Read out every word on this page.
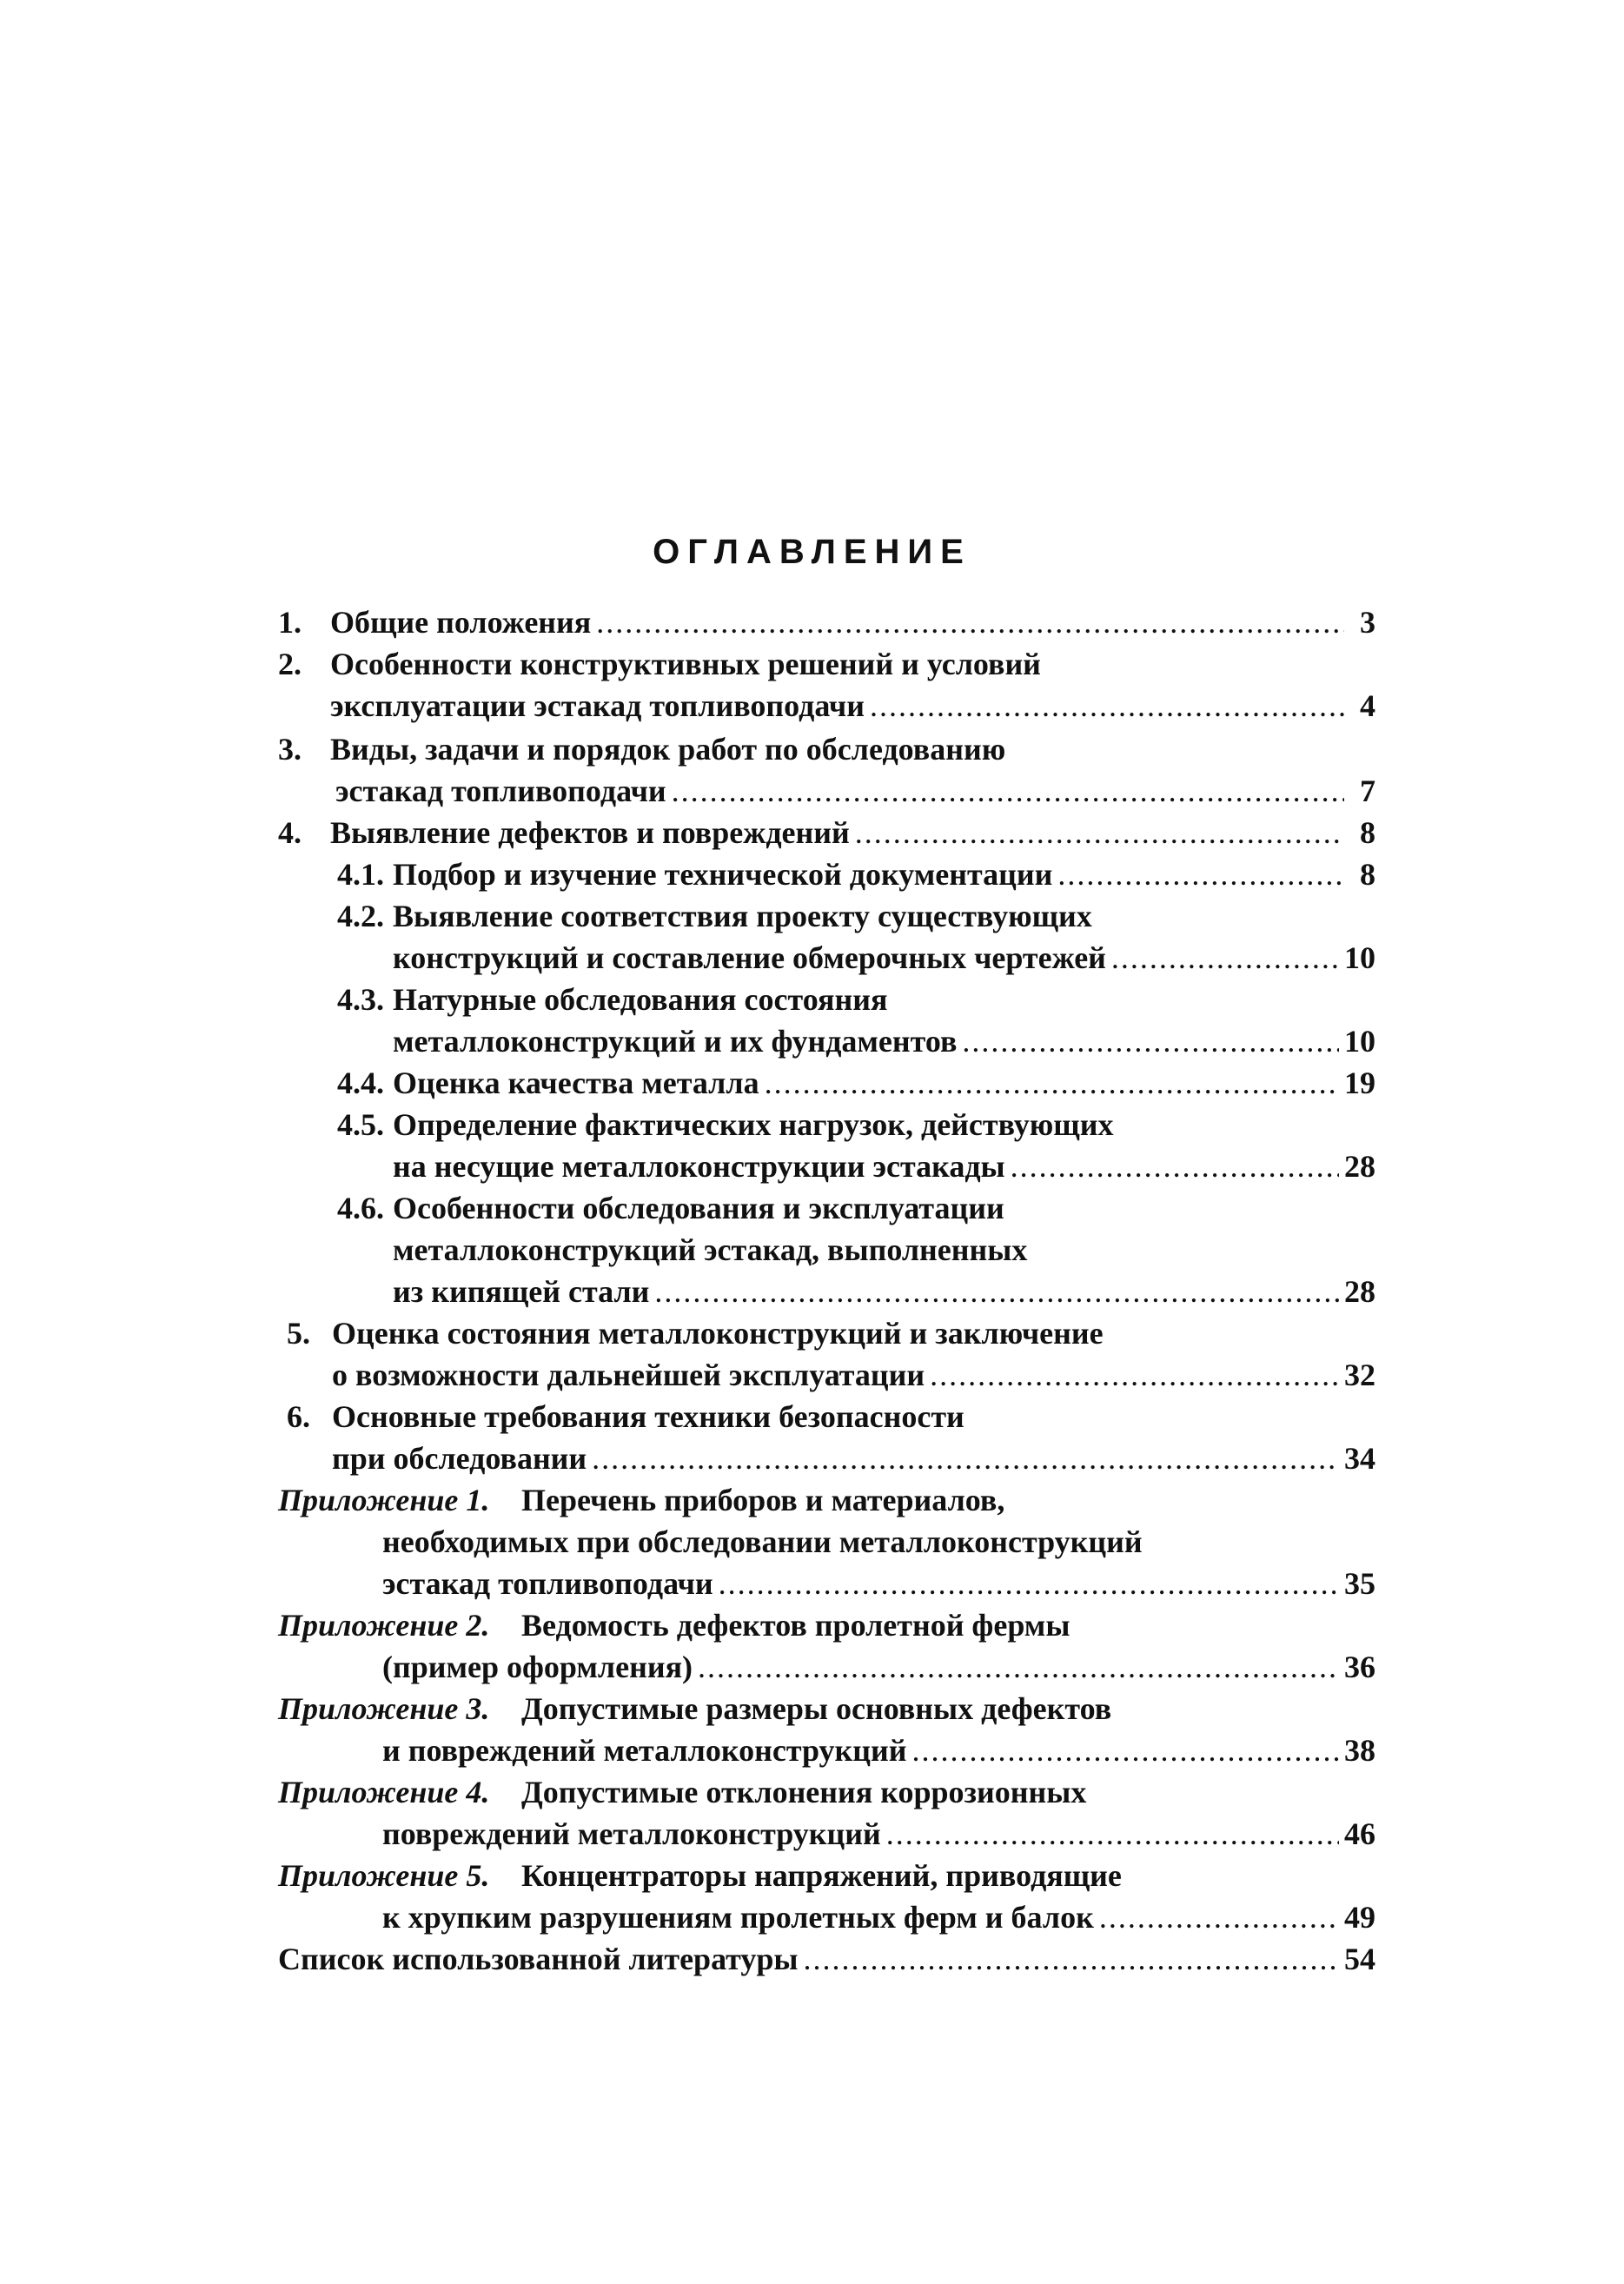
ОГЛАВЛЕНИЕ
1. Общие положения .....	3
2. Особенности конструктивных решений и условий
эксплуатации эстакад топливоподачи .....	4
3. Виды, задачи и порядок работ по обследованию
эстакад топливоподачи .....	7
4. Выявление дефектов и повреждений .....	8
4.1. Подбор и изучение технической документации .....	8
4.2. Выявление соответствия проекту существующих
конструкций и составление обмерочных чертежей .....	10
4.3. Натурные обследования состояния
металлоконструкций и их фундаментов .....	10
4.4. Оценка качества металла .....	19
4.5. Определение фактических нагрузок, действующих
на несущие металлоконструкции эстакады .....	28
4.6. Особенности обследования и эксплуатации
металлоконструкций эстакад, выполненных
из кипящей стали .....	28
5. Оценка состояния металлоконструкций и заключение
о возможности дальнейшей эксплуатации .....	32
6. Основные требования техники безопасности
при обследовании .....	34
Приложение 1. Перечень приборов и материалов,
необходимых при обследовании металлоконструкций
эстакад топливоподачи .....	35
Приложение 2. Ведомость дефектов пролетной фермы
(пример оформления) .....	36
Приложение 3. Допустимые размеры основных дефектов
и повреждений металлоконструкций .....	38
Приложение 4. Допустимые отклонения коррозионных
повреждений металлоконструкций .....	46
Приложение 5. Концентраторы напряжений, приводящие
к хрупким разрушениям пролетных ферм и балок .....	49
Список использованной литературы .....	54
